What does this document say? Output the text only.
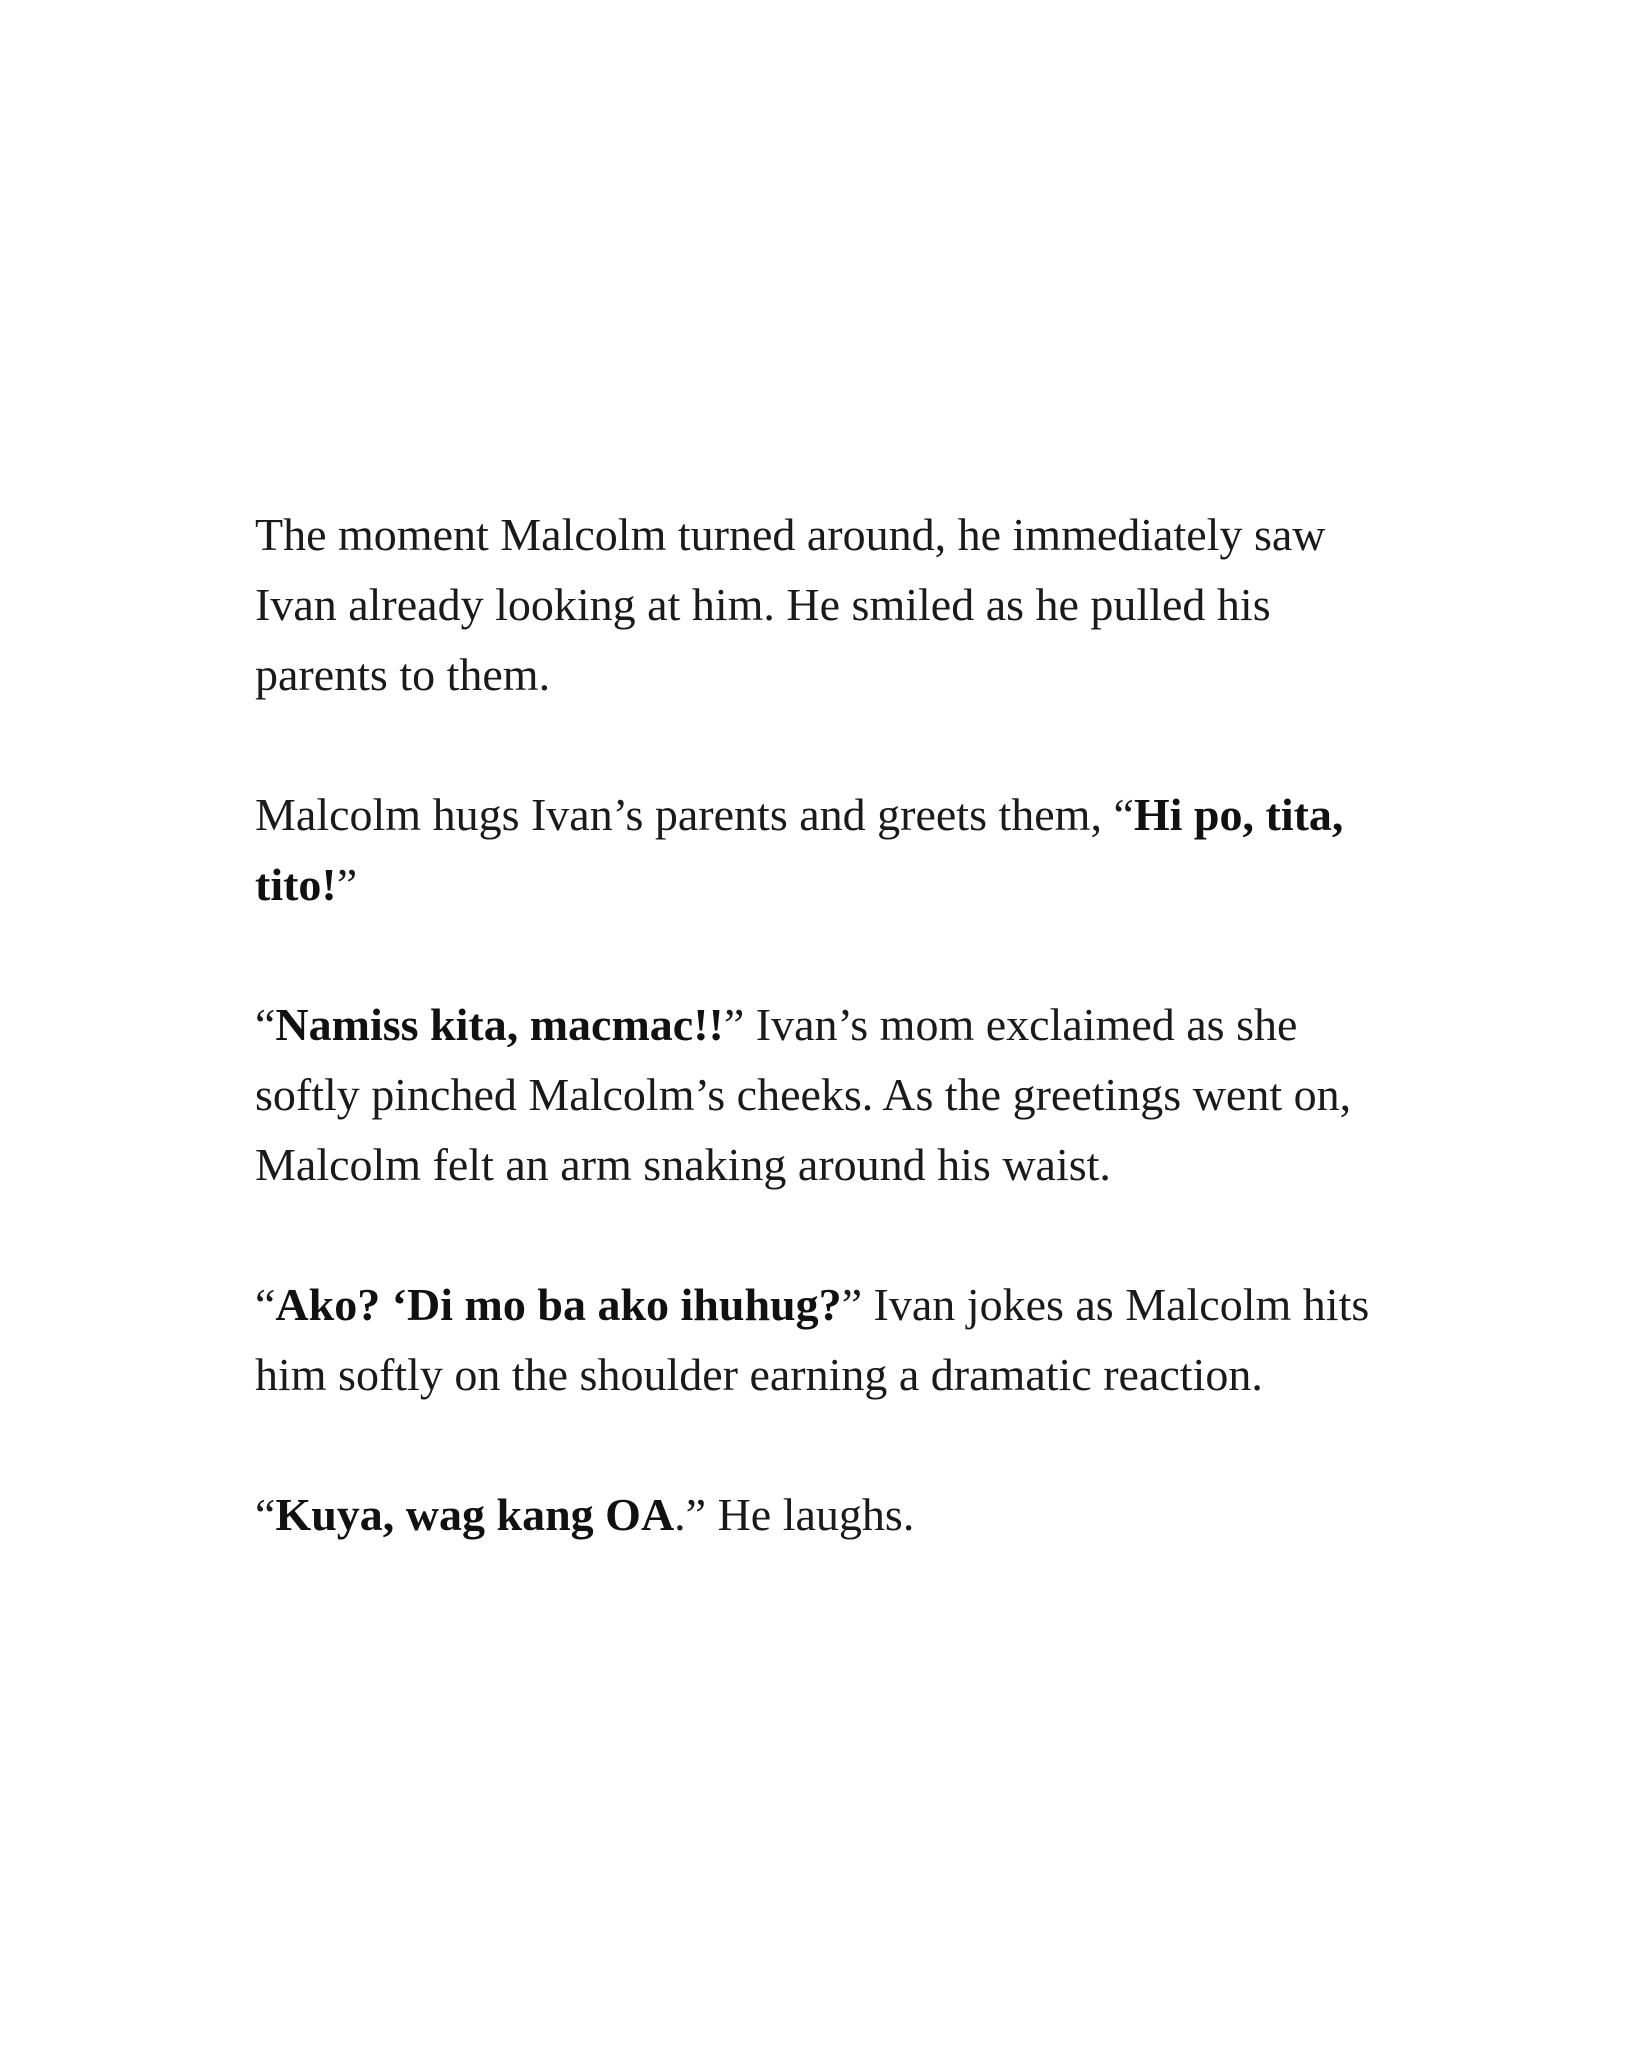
The moment Malcolm turned around, he immediately saw Ivan already looking at him. He smiled as he pulled his parents to them.

Malcolm hugs Ivan’s parents and greets them, “Hi po, tita, tito!”

“Namiss kita, macmac!!” Ivan’s mom exclaimed as she softly pinched Malcolm’s cheeks. As the greetings went on, Malcolm felt an arm snaking around his waist.

“Ako? ‘Di mo ba ako ihuhug?” Ivan jokes as Malcolm hits him softly on the shoulder earning a dramatic reaction.

“Kuya, wag kang OA.” He laughs.
